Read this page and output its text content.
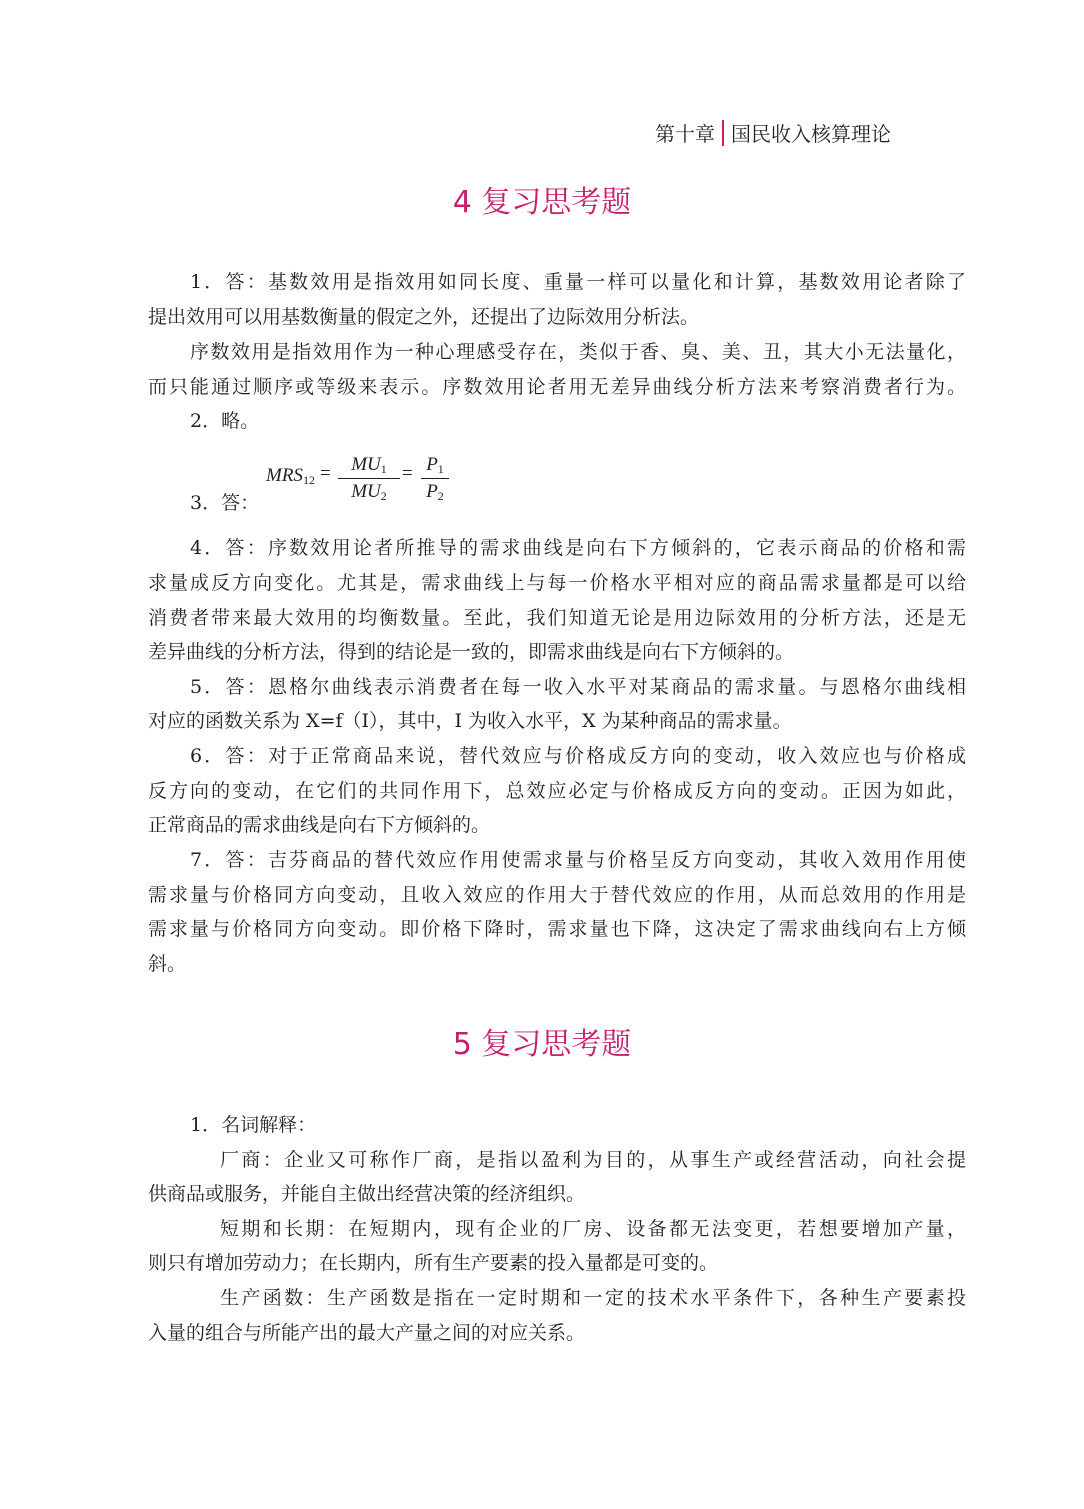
第十章 国民收入核算理论
4 复习思考题
1．答：基数效用是指效用如同长度、重量一样可以量化和计算，基数效用论者除了
提出效用可以用基数衡量的假定之外，还提出了边际效用分析法。
序数效用是指效用作为一种心理感受存在，类似于香、臭、美、丑，其大小无法量化，
而只能通过顺序或等级来表示。序数效用论者用无差异曲线分析方法来考察消费者行为。
2．略。
3．答：
$MRS_{12}$ =	$MU_1$
$MU_2$
= $P_1$
$P_2$
4．答：序数效用论者所推导的需求曲线是向右下方倾斜的，它表示商品的价格和需
求量成反方向变化。尤其是，需求曲线上与每一价格水平相对应的商品需求量都是可以给
消费者带来最大效用的均衡数量。至此，我们知道无论是用边际效用的分析方法，还是无
差异曲线的分析方法，得到的结论是一致的，即需求曲线是向右下方倾斜的。
5．答：恩格尔曲线表示消费者在每一收入水平对某商品的需求量。与恩格尔曲线相
对应的函数关系为 X=f（I），其中，I 为收入水平，X 为某种商品的需求量。
6．答：对于正常商品来说，替代效应与价格成反方向的变动，收入效应也与价格成
反方向的变动，在它们的共同作用下，总效应必定与价格成反方向的变动。正因为如此，
正常商品的需求曲线是向右下方倾斜的。
7．答：吉芬商品的替代效应作用使需求量与价格呈反方向变动，其收入效用作用使
需求量与价格同方向变动，且收入效应的作用大于替代效应的作用，从而总效用的作用是
需求量与价格同方向变动。即价格下降时，需求量也下降，这决定了需求曲线向右上方倾
斜。
5 复习思考题
1．名词解释：
厂商：企业又可称作厂商，是指以盈利为目的，从事生产或经营活动，向社会提
供商品或服务，并能自主做出经营决策的经济组织。
短期和长期：在短期内，现有企业的厂房、设备都无法变更，若想要增加产量，
则只有增加劳动力；在长期内，所有生产要素的投入量都是可变的。
生产函数：生产函数是指在一定时期和一定的技术水平条件下，各种生产要素投
入量的组合与所能产出的最大产量之间的对应关系。
